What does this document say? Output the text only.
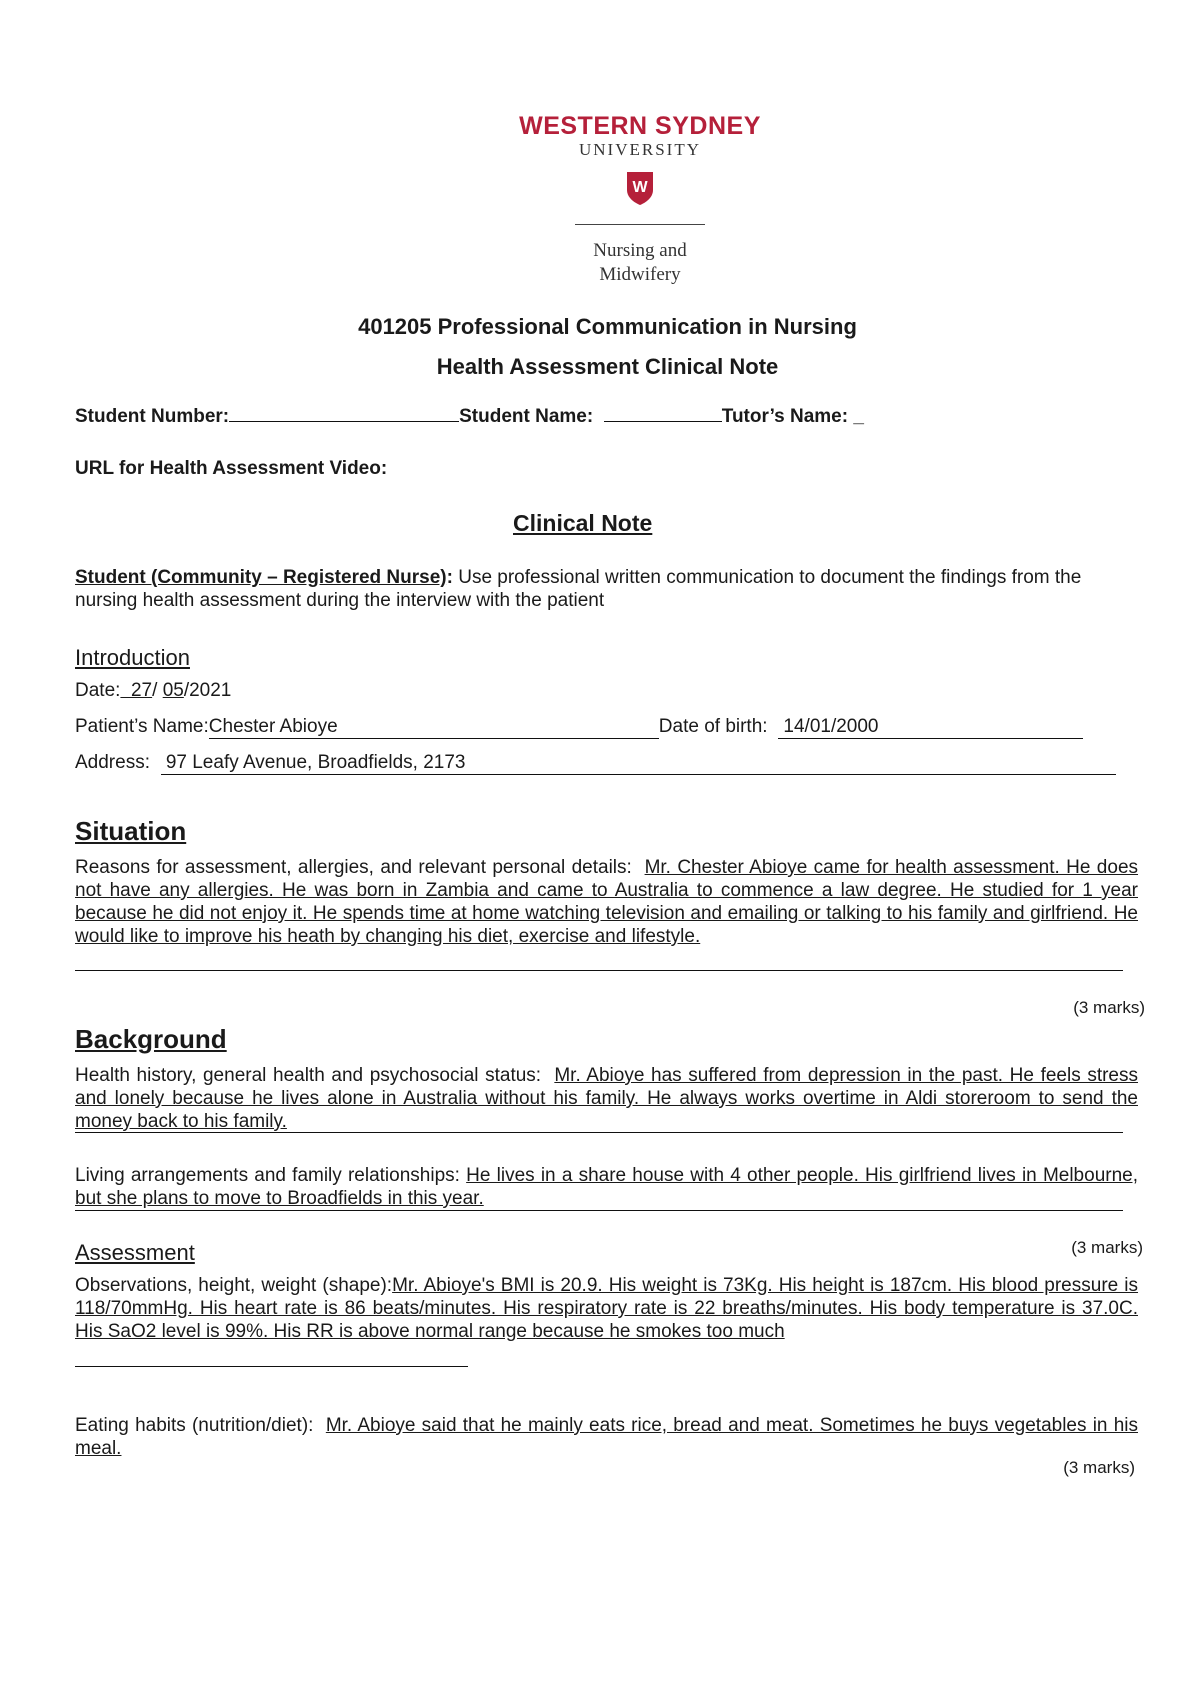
WESTERN SYDNEY
UNIVERSITY
W
Nursing and
Midwifery
401205 Professional Communication in Nursing
Health Assessment Clinical Note
Student Number:	Student Name:	Tutor’s Name: _
URL for Health Assessment Video:
Clinical Note
Student (Community – Registered Nurse): Use professional written communication to document the findings from the nursing health assessment during the interview with the patient
Introduction
Date: 27/ 05/2021
Patient’s Name:Chester Abioye	Date of birth: 14/01/2000
Address: 97 Leafy Avenue, Broadfields, 2173
Situation
Reasons for assessment, allergies, and relevant personal details: Mr. Chester Abioye came for health assessment. He does not have any allergies. He was born in Zambia and came to Australia to commence a law degree. He studied for 1 year because he did not enjoy it. He spends time at home watching television and emailing or talking to his family and girlfriend. He would like to improve his heath by changing his diet, exercise and lifestyle.
(3 marks)
Background
Health history, general health and psychosocial status: Mr. Abioye has suffered from depression in the past. He feels stress and lonely because he lives alone in Australia without his family. He always works overtime in Aldi storeroom to send the money back to his family.
Living arrangements and family relationships: He lives in a share house with 4 other people. His girlfriend lives in Melbourne, but she plans to move to Broadfields in this year.
Assessment	(3 marks)
Observations, height, weight (shape):Mr. Abioye's BMI is 20.9. His weight is 73Kg. His height is 187cm. His blood pressure is 118/70mmHg. His heart rate is 86 beats/minutes. His respiratory rate is 22 breaths/minutes. His body temperature is 37.0C. His SaO2 level is 99%. His RR is above normal range because he smokes too much
Eating habits (nutrition/diet): Mr. Abioye said that he mainly eats rice, bread and meat. Sometimes he buys vegetables in his meal.
(3 marks)
